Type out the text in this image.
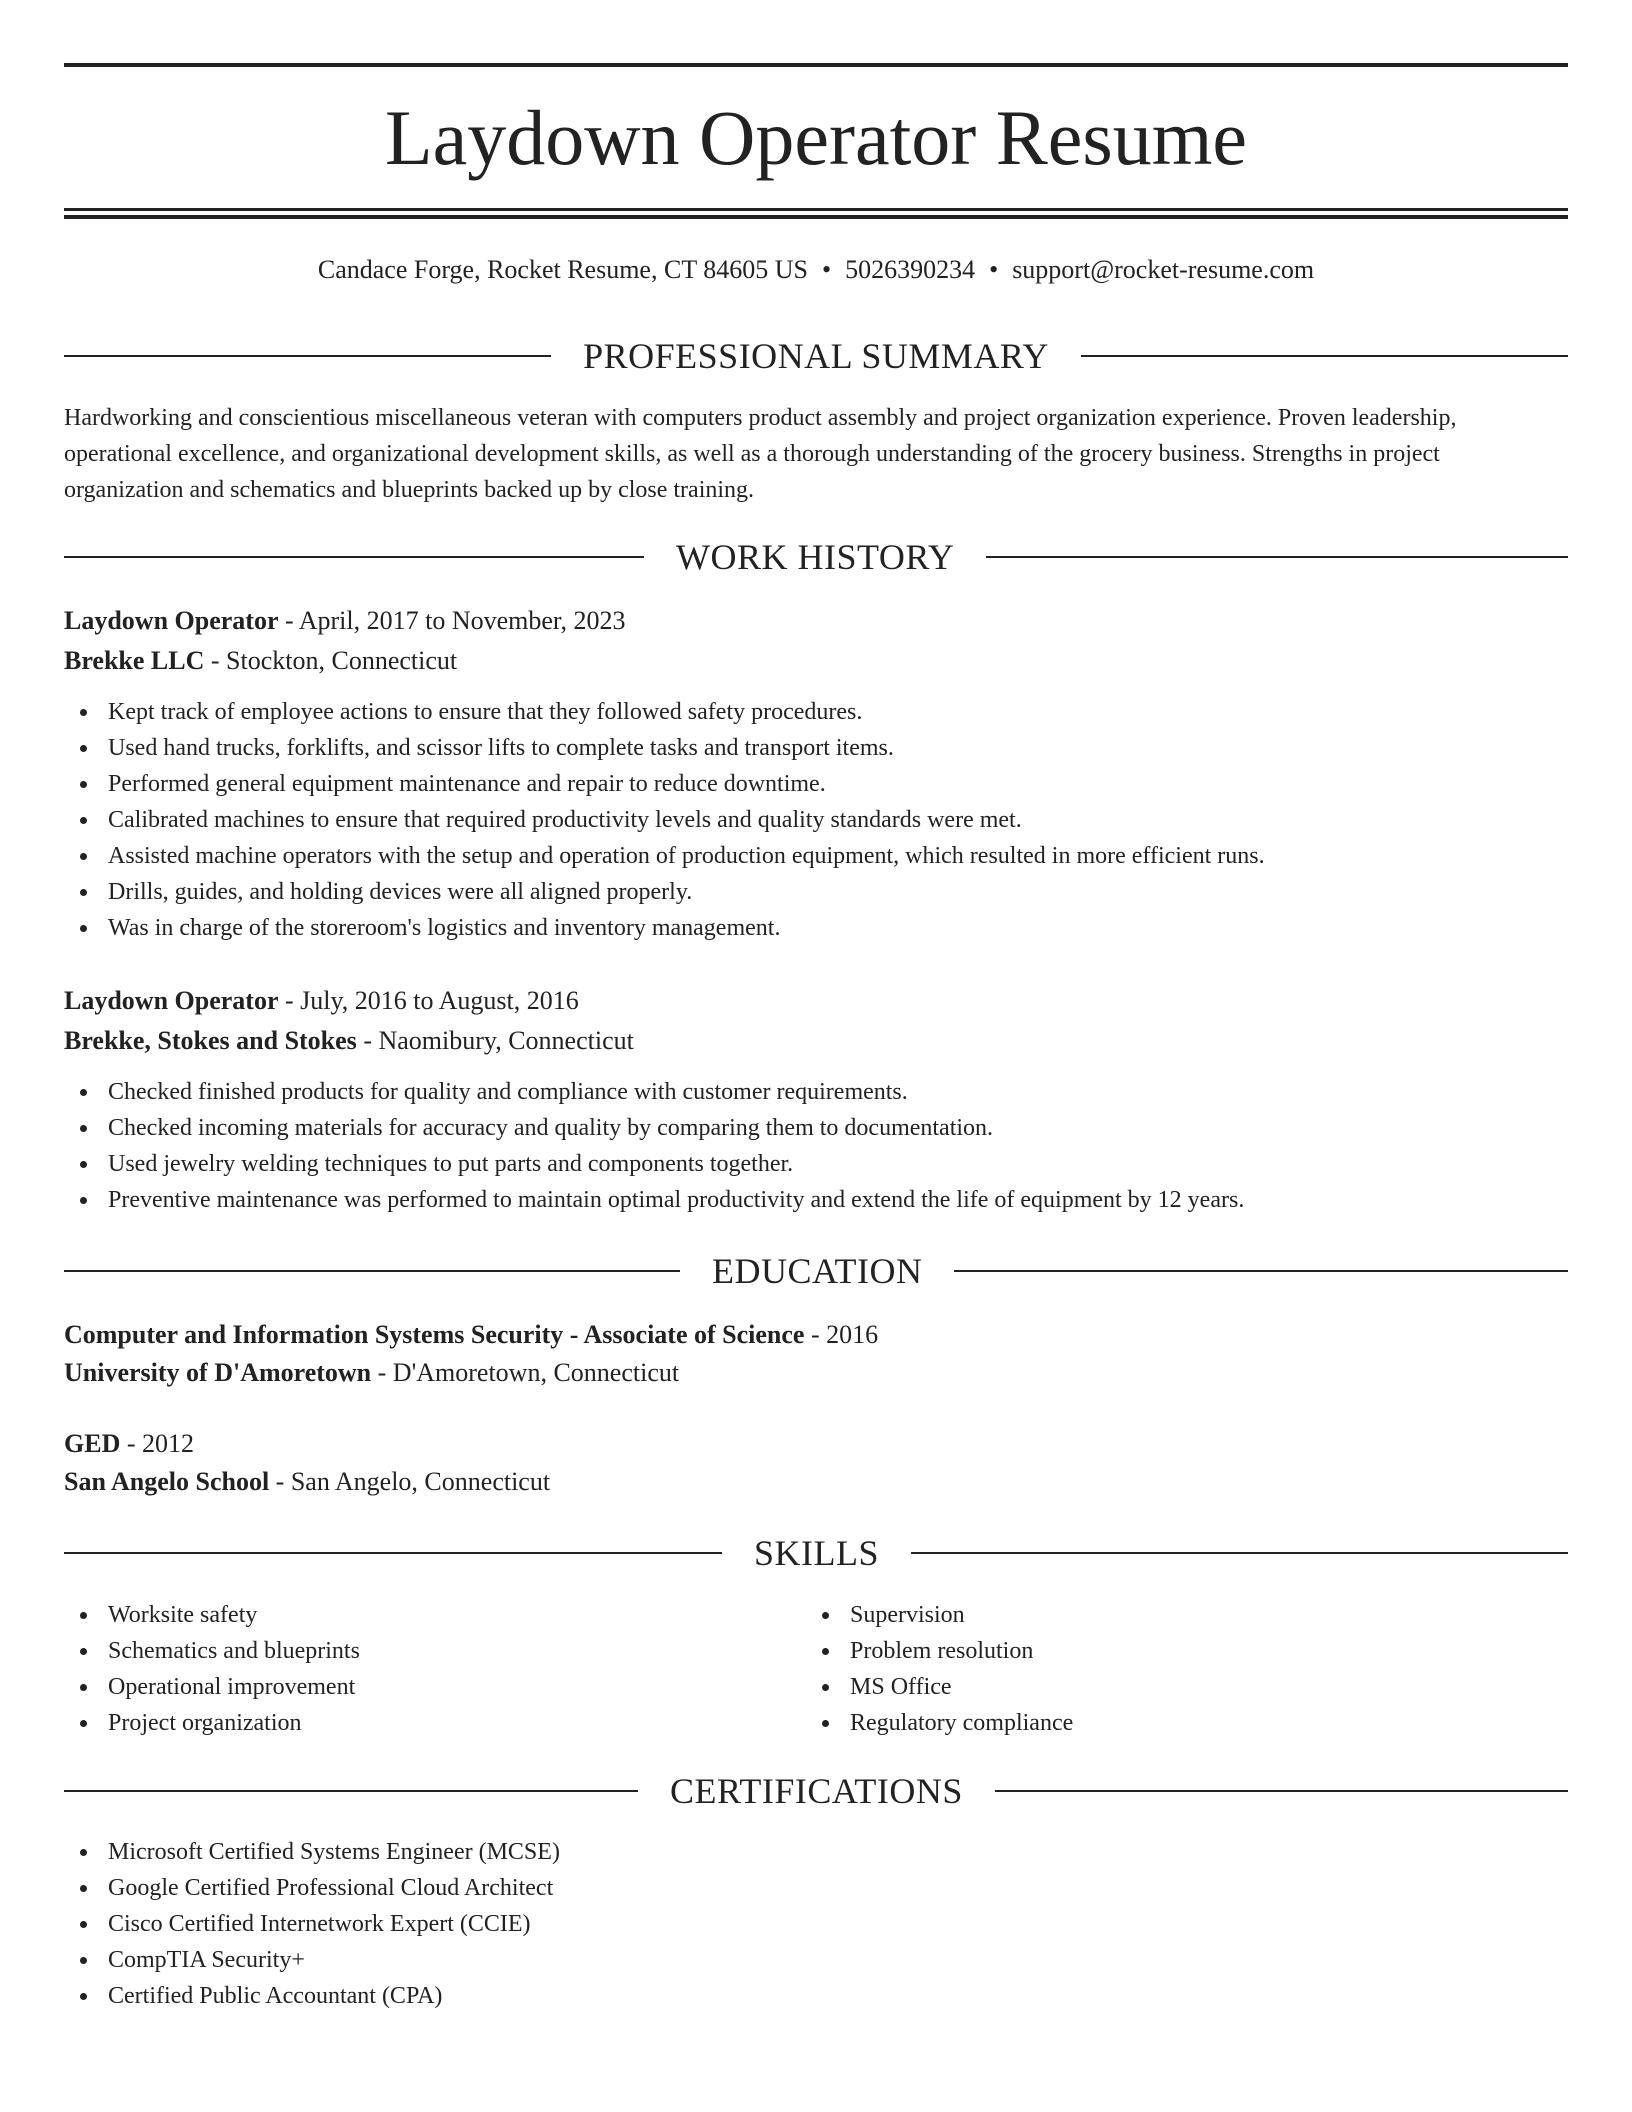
Laydown Operator Resume
Candace Forge, Rocket Resume, CT 84605 US • 5026390234 • support@rocket-resume.com
PROFESSIONAL SUMMARY
Hardworking and conscientious miscellaneous veteran with computers product assembly and project organization experience. Proven leadership,
operational excellence, and organizational development skills, as well as a thorough understanding of the grocery business. Strengths in project
organization and schematics and blueprints backed up by close training.
WORK HISTORY
Laydown Operator - April, 2017 to November, 2023
Brekke LLC - Stockton, Connecticut
Kept track of employee actions to ensure that they followed safety procedures.
Used hand trucks, forklifts, and scissor lifts to complete tasks and transport items.
Performed general equipment maintenance and repair to reduce downtime.
Calibrated machines to ensure that required productivity levels and quality standards were met.
Assisted machine operators with the setup and operation of production equipment, which resulted in more efficient runs.
Drills, guides, and holding devices were all aligned properly.
Was in charge of the storeroom's logistics and inventory management.
Laydown Operator - July, 2016 to August, 2016
Brekke, Stokes and Stokes - Naomibury, Connecticut
Checked finished products for quality and compliance with customer requirements.
Checked incoming materials for accuracy and quality by comparing them to documentation.
Used jewelry welding techniques to put parts and components together.
Preventive maintenance was performed to maintain optimal productivity and extend the life of equipment by 12 years.
EDUCATION
Computer and Information Systems Security - Associate of Science - 2016
University of D'Amoretown - D'Amoretown, Connecticut
GED - 2012
San Angelo School - San Angelo, Connecticut
SKILLS
Worksite safety
Schematics and blueprints
Operational improvement
Project organization
Supervision
Problem resolution
MS Office
Regulatory compliance
CERTIFICATIONS
Microsoft Certified Systems Engineer (MCSE)
Google Certified Professional Cloud Architect
Cisco Certified Internetwork Expert (CCIE)
CompTIA Security+
Certified Public Accountant (CPA)
